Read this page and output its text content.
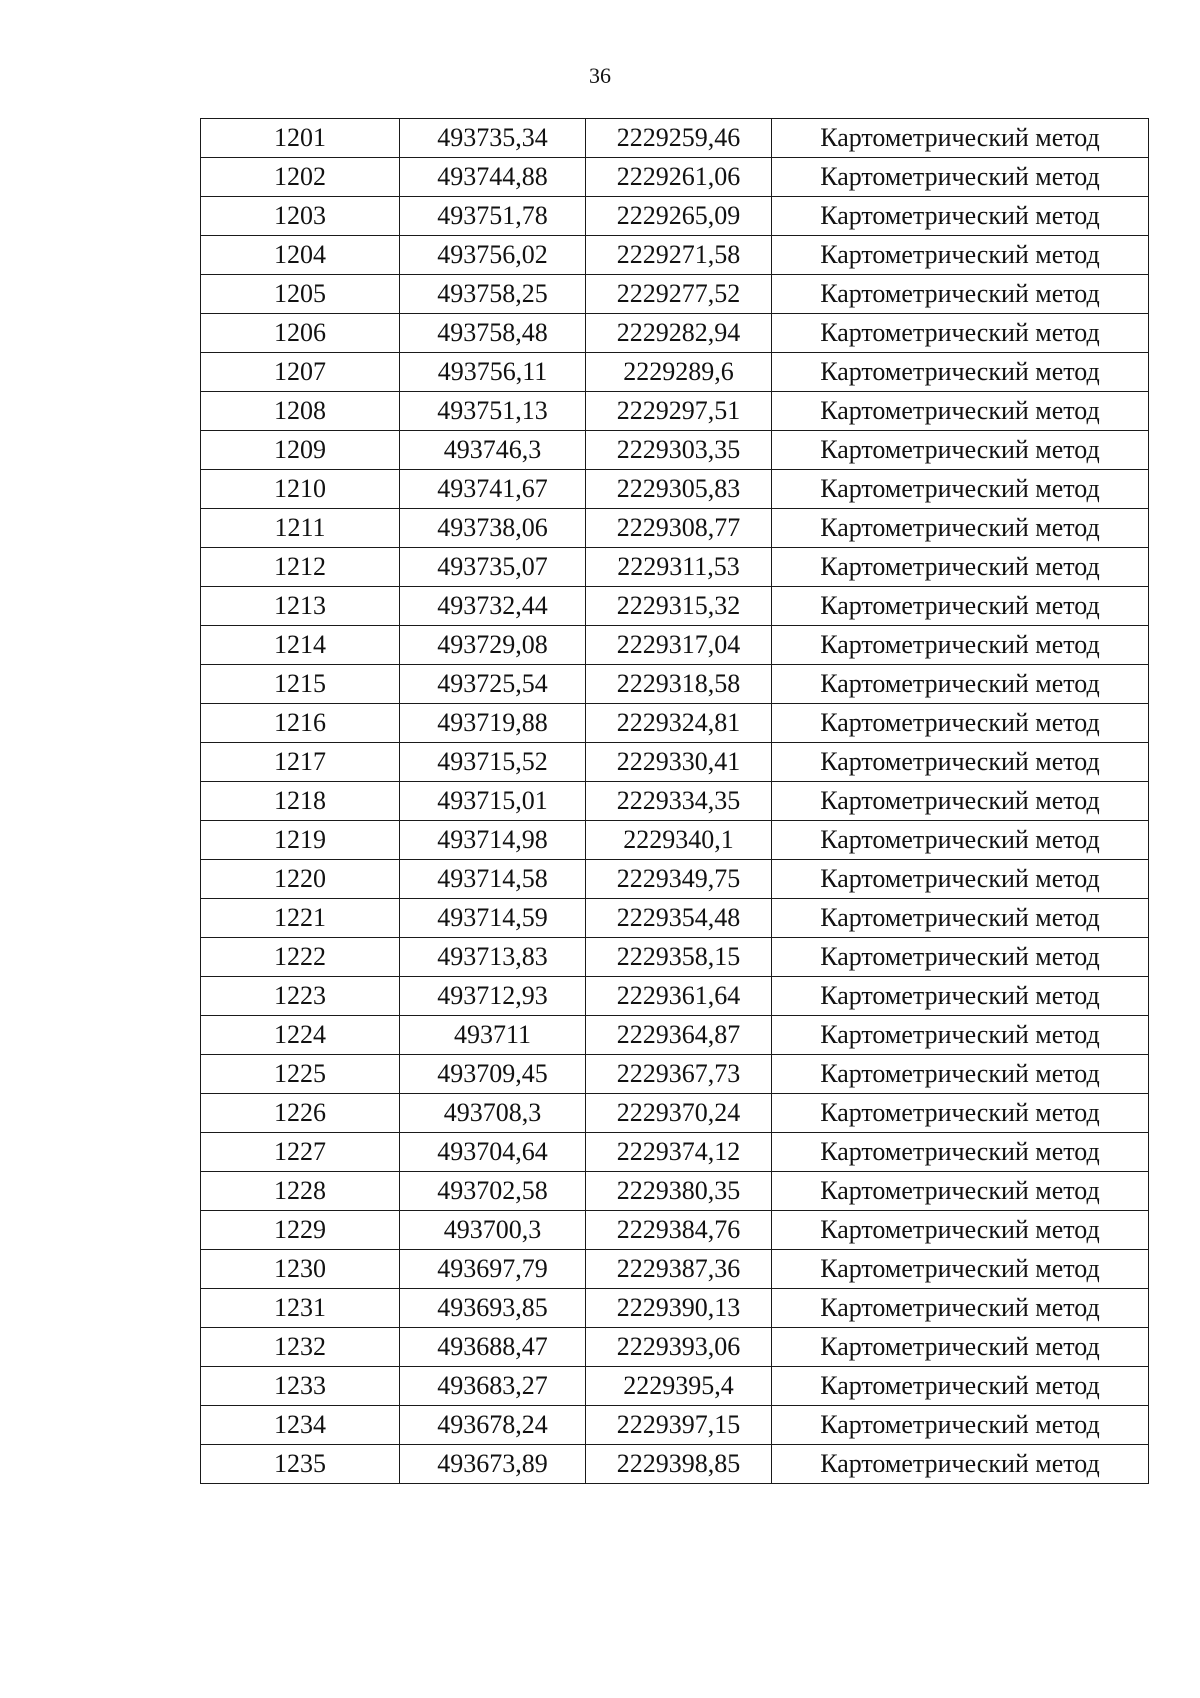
36
1201	493735,34	2229259,46	Картометрический метод
1202	493744,88	2229261,06	Картометрический метод
1203	493751,78	2229265,09	Картометрический метод
1204	493756,02	2229271,58	Картометрический метод
1205	493758,25	2229277,52	Картометрический метод
1206	493758,48	2229282,94	Картометрический метод
1207	493756,11	2229289,6	Картометрический метод
1208	493751,13	2229297,51	Картометрический метод
1209	493746,3	2229303,35	Картометрический метод
1210	493741,67	2229305,83	Картометрический метод
1211	493738,06	2229308,77	Картометрический метод
1212	493735,07	2229311,53	Картометрический метод
1213	493732,44	2229315,32	Картометрический метод
1214	493729,08	2229317,04	Картометрический метод
1215	493725,54	2229318,58	Картометрический метод
1216	493719,88	2229324,81	Картометрический метод
1217	493715,52	2229330,41	Картометрический метод
1218	493715,01	2229334,35	Картометрический метод
1219	493714,98	2229340,1	Картометрический метод
1220	493714,58	2229349,75	Картометрический метод
1221	493714,59	2229354,48	Картометрический метод
1222	493713,83	2229358,15	Картометрический метод
1223	493712,93	2229361,64	Картометрический метод
1224	493711	2229364,87	Картометрический метод
1225	493709,45	2229367,73	Картометрический метод
1226	493708,3	2229370,24	Картометрический метод
1227	493704,64	2229374,12	Картометрический метод
1228	493702,58	2229380,35	Картометрический метод
1229	493700,3	2229384,76	Картометрический метод
1230	493697,79	2229387,36	Картометрический метод
1231	493693,85	2229390,13	Картометрический метод
1232	493688,47	2229393,06	Картометрический метод
1233	493683,27	2229395,4	Картометрический метод
1234	493678,24	2229397,15	Картометрический метод
1235	493673,89	2229398,85	Картометрический метод
